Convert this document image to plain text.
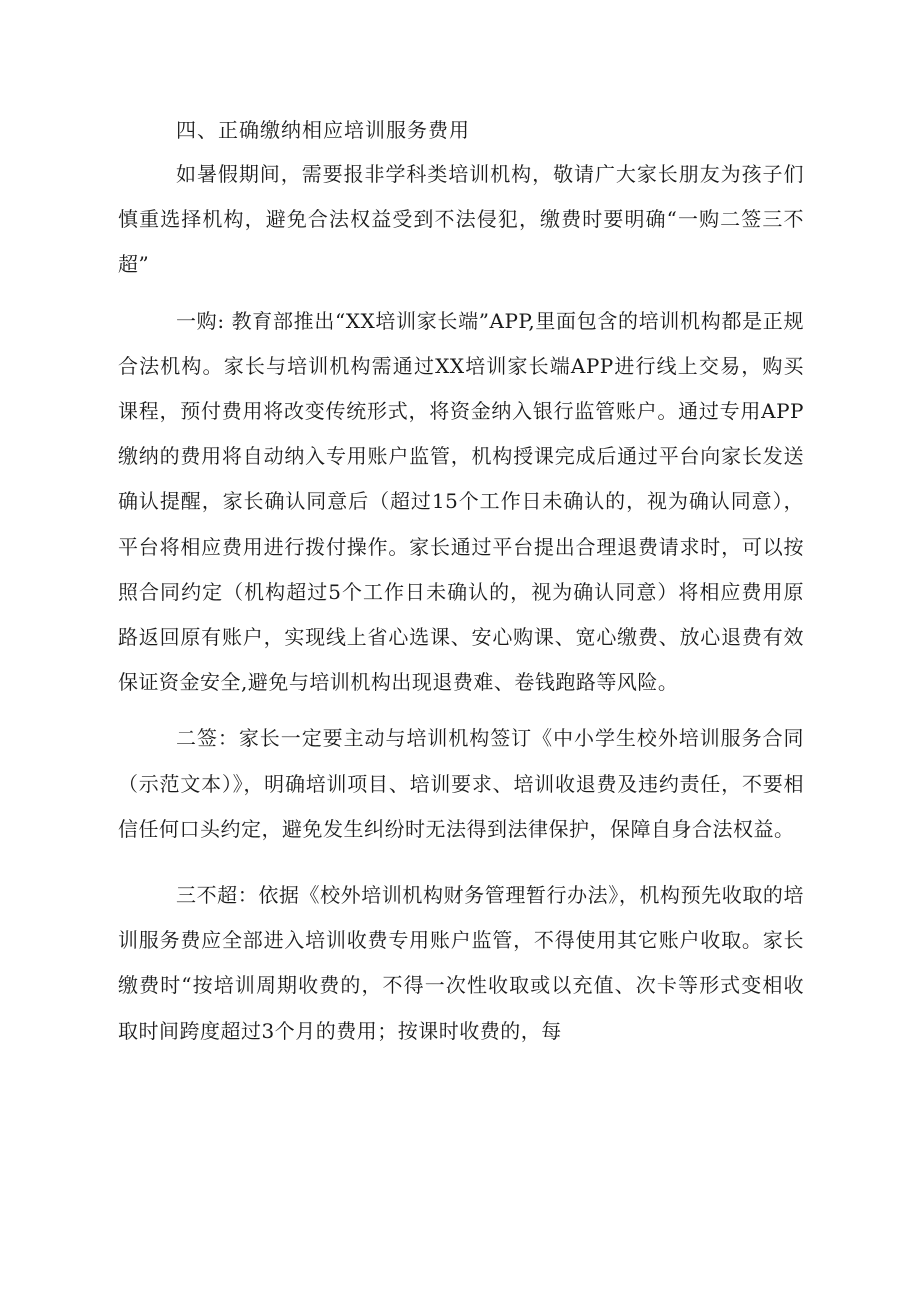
四、正确缴纳相应培训服务费用

如暑假期间，需要报非学科类培训机构，敬请广大家长朋友为孩子们慎重选择机构，避免合法权益受到不法侵犯，缴费时要明确“一购二签三不超”

一购: 教育部推出“XX培训家长端”APP,里面包含的培训机构都是正规合法机构。家长与培训机构需通过XX培训家长端APP进行线上交易，购买课程，预付费用将改变传统形式，将资金纳入银行监管账户。通过专用APP缴纳的费用将自动纳入专用账户监管，机构授课完成后通过平台向家长发送确认提醒，家长确认同意后（超过15个工作日未确认的，视为确认同意），平台将相应费用进行拨付操作。家长通过平台提出合理退费请求时，可以按照合同约定（机构超过5个工作日未确认的，视为确认同意）将相应费用原路返回原有账户，实现线上省心选课、安心购课、宽心缴费、放心退费有效保证资金安全,避免与培训机构出现退费难、卷钱跑路等风险。

二签：家长一定要主动与培训机构签订《中小学生校外培训服务合同（示范文本）》，明确培训项目、培训要求、培训收退费及违约责任，不要相信任何口头约定，避免发生纠纷时无法得到法律保护，保障自身合法权益。

三不超：依据《校外培训机构财务管理暂行办法》，机构预先收取的培训服务费应全部进入培训收费专用账户监管，不得使用其它账户收取。家长缴费时“按培训周期收费的，不得一次性收取或以充值、次卡等形式变相收取时间跨度超过3个月的费用；按课时收费的，每
